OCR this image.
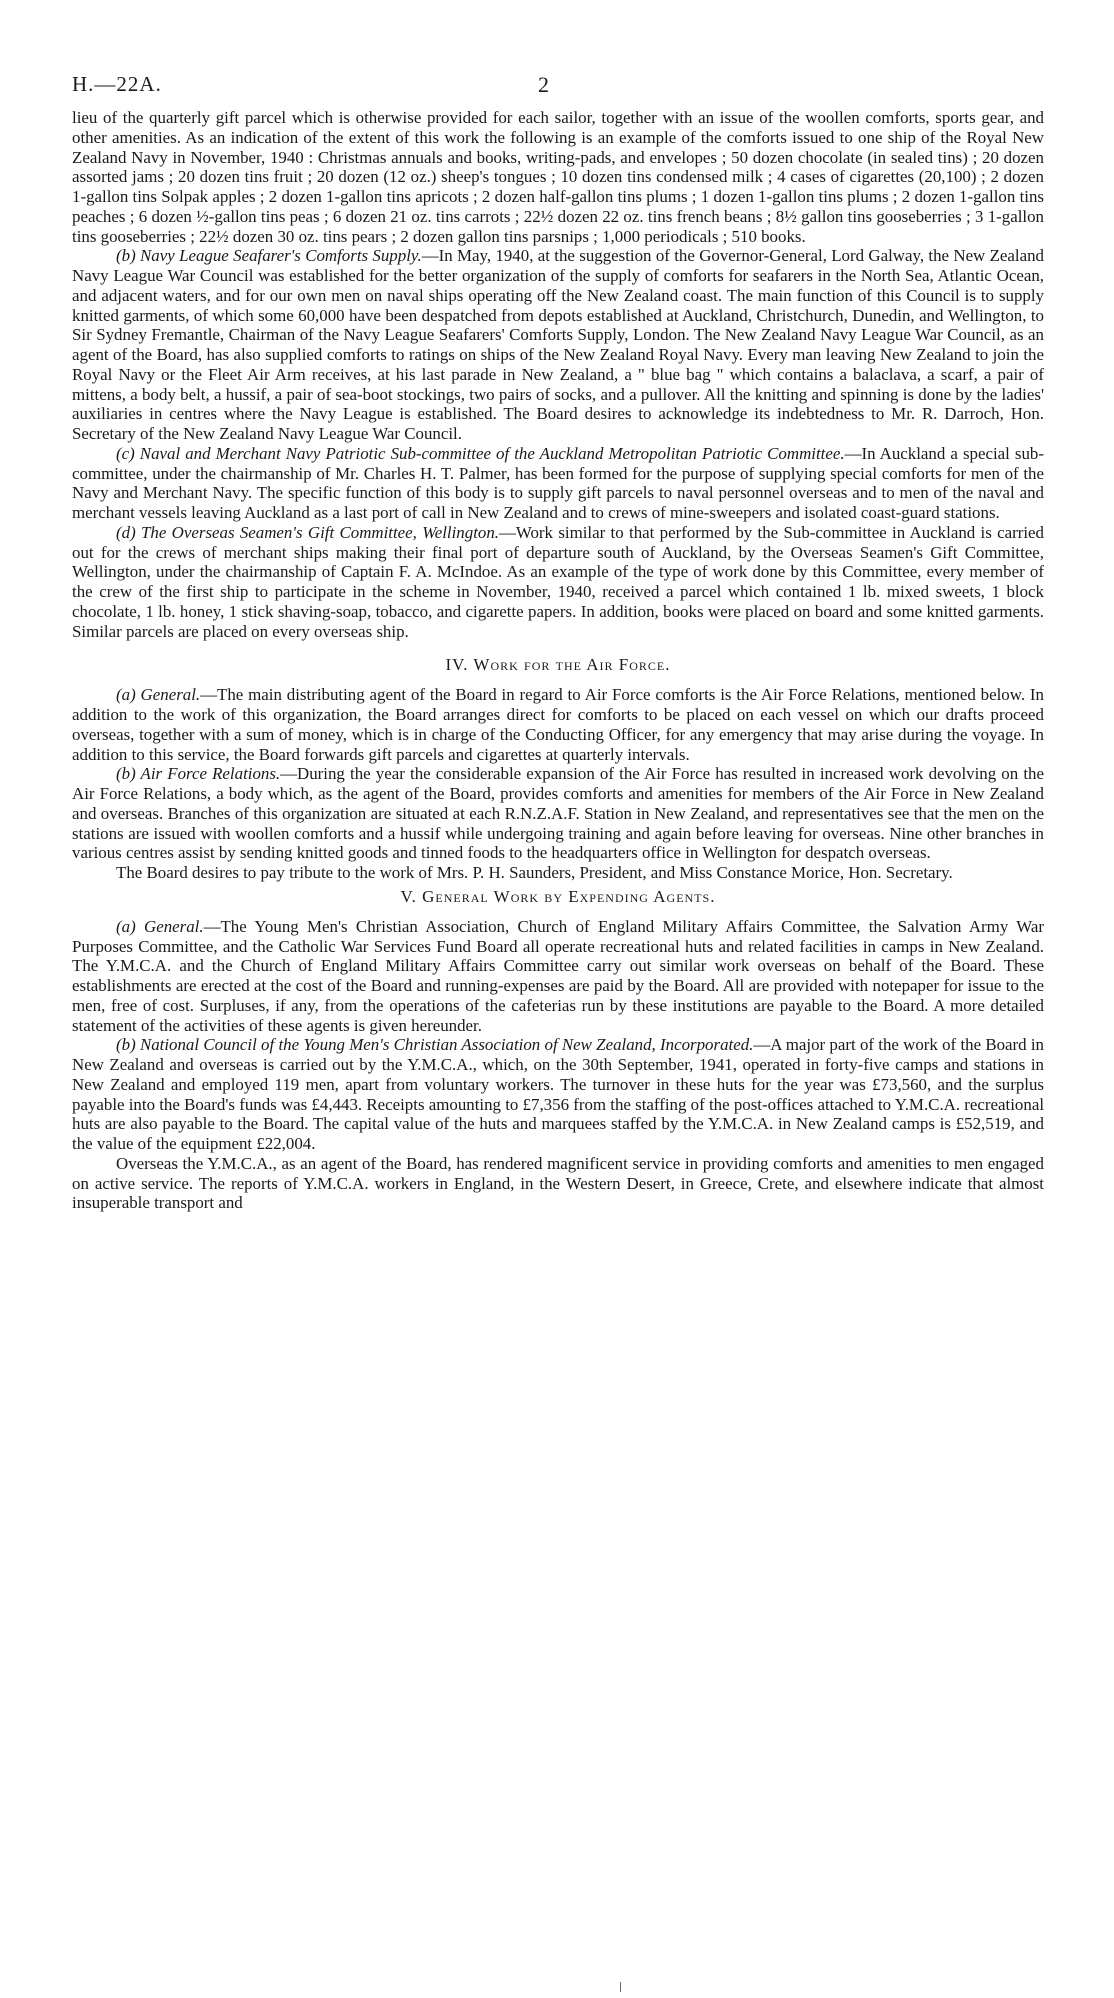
H.—22A.	2

lieu of the quarterly gift parcel which is otherwise provided for each sailor, together with an issue of the woollen comforts, sports gear, and other amenities. As an indication of the extent of this work the following is an example of the comforts issued to one ship of the Royal New Zealand Navy in November, 1940 : Christmas annuals and books, writing-pads, and envelopes ; 50 dozen chocolate (in sealed tins) ; 20 dozen assorted jams ; 20 dozen tins fruit ; 20 dozen (12 oz.) sheep's tongues ; 10 dozen tins condensed milk ; 4 cases of cigarettes (20,100) ; 2 dozen 1-gallon tins Solpak apples ; 2 dozen 1-gallon tins apricots ; 2 dozen half-gallon tins plums ; 1 dozen 1-gallon tins plums ; 2 dozen 1-gallon tins peaches ; 6 dozen ½-gallon tins peas ; 6 dozen 21 oz. tins carrots ; 22½ dozen 22 oz. tins french beans ; 8½ gallon tins gooseberries ; 3 1-gallon tins gooseberries ; 22½ dozen 30 oz. tins pears ; 2 dozen gallon tins parsnips ; 1,000 periodicals ; 510 books.

(b) Navy League Seafarer's Comforts Supply.—In May, 1940, at the suggestion of the Governor-General, Lord Galway, the New Zealand Navy League War Council was established for the better organization of the supply of comforts for seafarers in the North Sea, Atlantic Ocean, and adjacent waters, and for our own men on naval ships operating off the New Zealand coast. The main function of this Council is to supply knitted garments, of which some 60,000 have been despatched from depots established at Auckland, Christchurch, Dunedin, and Wellington, to Sir Sydney Fremantle, Chairman of the Navy League Seafarers' Comforts Supply, London. The New Zealand Navy League War Council, as an agent of the Board, has also supplied comforts to ratings on ships of the New Zealand Royal Navy. Every man leaving New Zealand to join the Royal Navy or the Fleet Air Arm receives, at his last parade in New Zealand, a " blue bag " which contains a balaclava, a scarf, a pair of mittens, a body belt, a hussif, a pair of sea-boot stockings, two pairs of socks, and a pullover. All the knitting and spinning is done by the ladies' auxiliaries in centres where the Navy League is established. The Board desires to acknowledge its indebtedness to Mr. R. Darroch, Hon. Secretary of the New Zealand Navy League War Council.

(c) Naval and Merchant Navy Patriotic Sub-committee of the Auckland Metropolitan Patriotic Committee.—In Auckland a special sub-committee, under the chairmanship of Mr. Charles H. T. Palmer, has been formed for the purpose of supplying special comforts for men of the Navy and Merchant Navy. The specific function of this body is to supply gift parcels to naval personnel overseas and to men of the naval and merchant vessels leaving Auckland as a last port of call in New Zealand and to crews of mine-sweepers and isolated coast-guard stations.

(d) The Overseas Seamen's Gift Committee, Wellington.—Work similar to that performed by the Sub-committee in Auckland is carried out for the crews of merchant ships making their final port of departure south of Auckland, by the Overseas Seamen's Gift Committee, Wellington, under the chairmanship of Captain F. A. McIndoe. As an example of the type of work done by this Committee, every member of the crew of the first ship to participate in the scheme in November, 1940, received a parcel which contained 1 lb. mixed sweets, 1 block chocolate, 1 lb. honey, 1 stick shaving-soap, tobacco, and cigarette papers. In addition, books were placed on board and some knitted garments. Similar parcels are placed on every overseas ship.

IV. Work for the Air Force.

(a) General.—The main distributing agent of the Board in regard to Air Force comforts is the Air Force Relations, mentioned below. In addition to the work of this organization, the Board arranges direct for comforts to be placed on each vessel on which our drafts proceed overseas, together with a sum of money, which is in charge of the Conducting Officer, for any emergency that may arise during the voyage. In addition to this service, the Board forwards gift parcels and cigarettes at quarterly intervals.

(b) Air Force Relations.—During the year the considerable expansion of the Air Force has resulted in increased work devolving on the Air Force Relations, a body which, as the agent of the Board, provides comforts and amenities for members of the Air Force in New Zealand and overseas. Branches of this organization are situated at each R.N.Z.A.F. Station in New Zealand, and representatives see that the men on the stations are issued with woollen comforts and a hussif while undergoing training and again before leaving for overseas. Nine other branches in various centres assist by sending knitted goods and tinned foods to the headquarters office in Wellington for despatch overseas.

The Board desires to pay tribute to the work of Mrs. P. H. Saunders, President, and Miss Constance Morice, Hon. Secretary.

V. General Work by Expending Agents.

(a) General.—The Young Men's Christian Association, Church of England Military Affairs Committee, the Salvation Army War Purposes Committee, and the Catholic War Services Fund Board all operate recreational huts and related facilities in camps in New Zealand. The Y.M.C.A. and the Church of England Military Affairs Committee carry out similar work overseas on behalf of the Board. These establishments are erected at the cost of the Board and running-expenses are paid by the Board. All are provided with notepaper for issue to the men, free of cost. Surpluses, if any, from the operations of the cafeterias run by these institutions are payable to the Board. A more detailed statement of the activities of these agents is given hereunder.

(b) National Council of the Young Men's Christian Association of New Zealand, Incorporated.—A major part of the work of the Board in New Zealand and overseas is carried out by the Y.M.C.A., which, on the 30th September, 1941, operated in forty-five camps and stations in New Zealand and employed 119 men, apart from voluntary workers. The turnover in these huts for the year was £73,560, and the surplus payable into the Board's funds was £4,443. Receipts amounting to £7,356 from the staffing of the post-offices attached to Y.M.C.A. recreational huts are also payable to the Board. The capital value of the huts and marquees staffed by the Y.M.C.A. in New Zealand camps is £52,519, and the value of the equipment £22,004.

Overseas the Y.M.C.A., as an agent of the Board, has rendered magnificent service in providing comforts and amenities to men engaged on active service. The reports of Y.M.C.A. workers in England, in the Western Desert, in Greece, Crete, and elsewhere indicate that almost insuperable transport and
